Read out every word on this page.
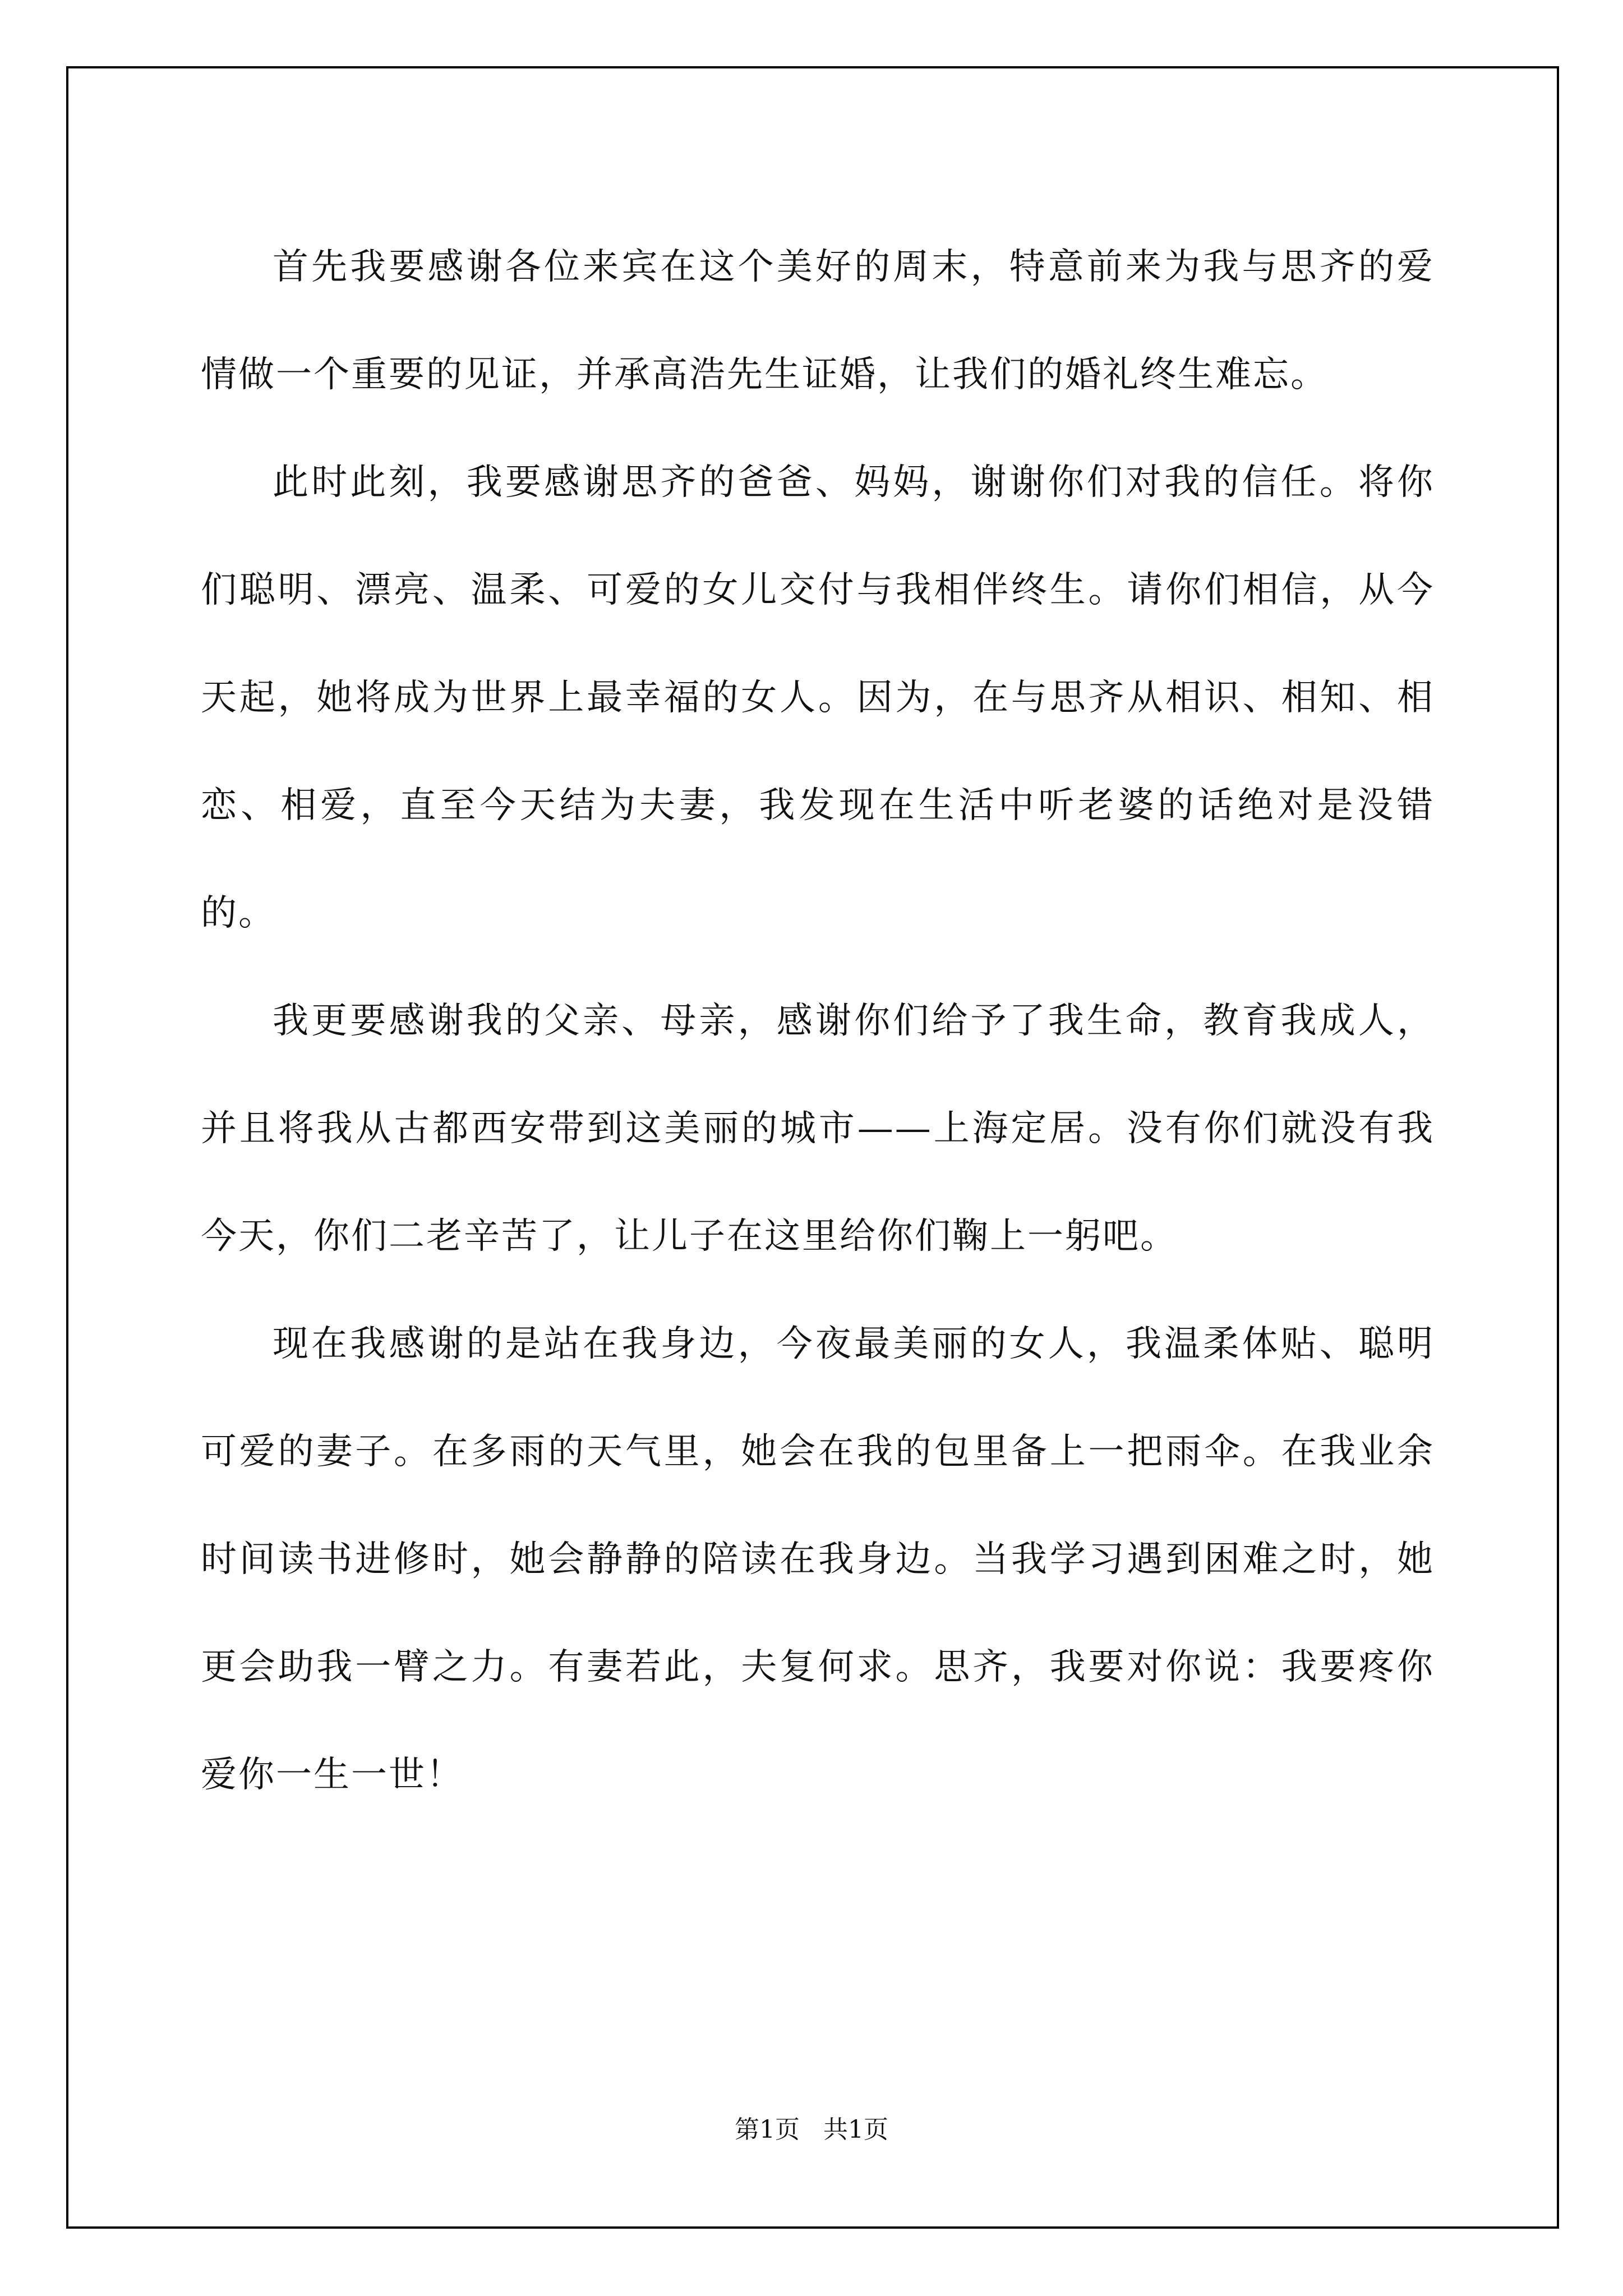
首先我要感谢各位来宾在这个美好的周末，特意前来为我与思齐的爱情做一个重要的见证，并承高浩先生证婚，让我们的婚礼终生难忘。

此时此刻，我要感谢思齐的爸爸、妈妈，谢谢你们对我的信任。将你们聪明、漂亮、温柔、可爱的女儿交付与我相伴终生。请你们相信，从今天起，她将成为世界上最幸福的女人。因为，在与思齐从相识、相知、相恋、相爱，直至今天结为夫妻，我发现在生活中听老婆的话绝对是没错的。

我更要感谢我的父亲、母亲，感谢你们给予了我生命，教育我成人，并且将我从古都西安带到这美丽的城市——上海定居。没有你们就没有我今天，你们二老辛苦了，让儿子在这里给你们鞠上一躬吧。

现在我感谢的是站在我身边，今夜最美丽的女人，我温柔体贴、聪明可爱的妻子。在多雨的天气里，她会在我的包里备上一把雨伞。在我业余时间读书进修时，她会静静的陪读在我身边。当我学习遇到困难之时，她更会助我一臂之力。有妻若此，夫复何求。思齐，我要对你说：我要疼你爱你一生一世！

第1页   共1页
